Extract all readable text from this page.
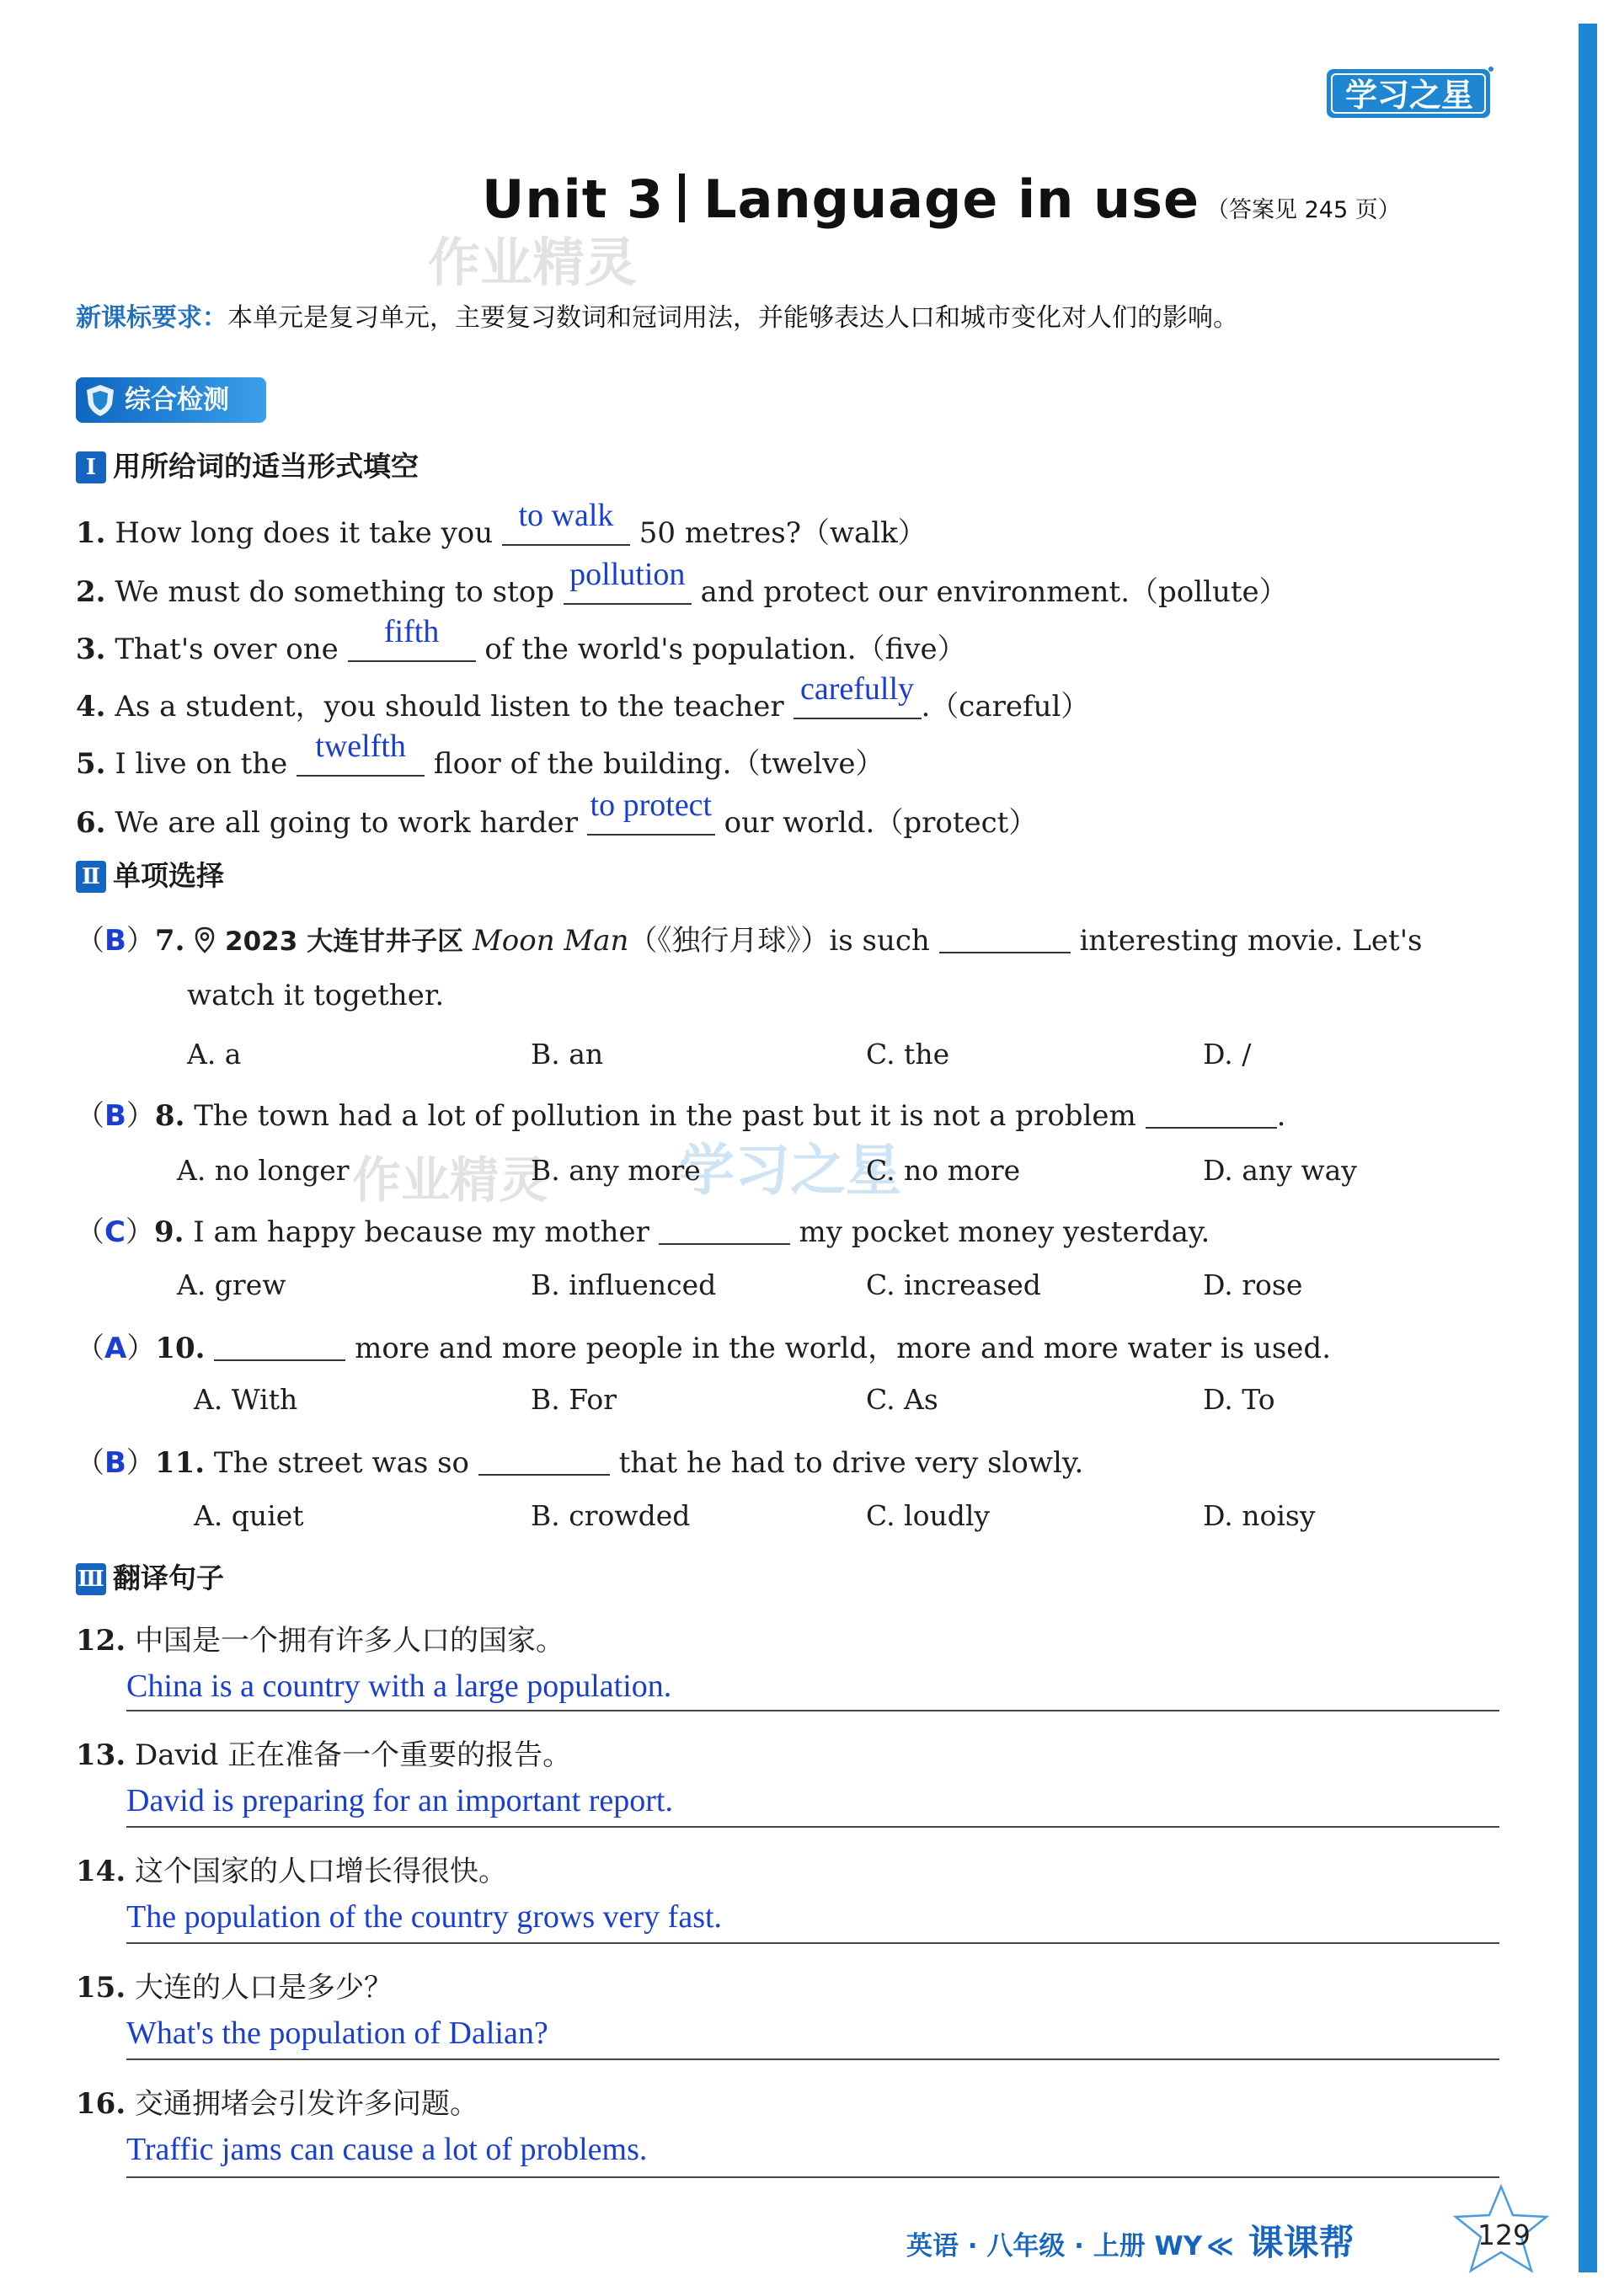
学习之星
Unit 3 Language in use （答案见 245 页）
作业精灵
作业精灵 学习之星
新课标要求：本单元是复习单元，主要复习数词和冠词用法，并能够表达人口和城市变化对人们的影响。
综合检测
Ⅰ 用所给词的适当形式填空
1. How long does it take you to walk 50 metres?（walk）
2. We must do something to stop pollution and protect our environment.（pollute）
3. That's over one	fifth	of the world's population.（five）
4. As a student，you should listen to the teacher carefully .（careful）
5. I live on the twelfth floor of the building.（twelve）
6. We are all going to work harder to protect our world.（protect）
Ⅱ 单项选择
（B）7. 2023 大连甘井子区 Moon Man（《独行月球》）is such	interesting movie. Let's
watch it together.
A. a	B. an	C. the	D. /
（B）8. The town had a lot of pollution in the past but it is not a problem	.
A. no longer	B. any more	C. no more	D. any way
（C）9. I am happy because my mother	my pocket money yesterday.
A. grew	B. influenced	C. increased	D. rose
（A）10.	more and more people in the world，more and more water is used.
A. With	B. For	C. As	D. To
（B）11. The street was so	that he had to drive very slowly.
A. quiet	B. crowded	C. loudly	D. noisy
Ⅲ 翻译句子
12. 中国是一个拥有许多人口的国家。
China is a country with a large population.
13. David 正在准备一个重要的报告。
David is preparing for an important report.
14. 这个国家的人口增长得很快。
The population of the country grows very fast.
15. 大连的人口是多少？
What's the population of Dalian?
16. 交通拥堵会引发许多问题。
Traffic jams can cause a lot of problems.
英语 · 八年级 · 上册 WY ≪ 课课帮	129
